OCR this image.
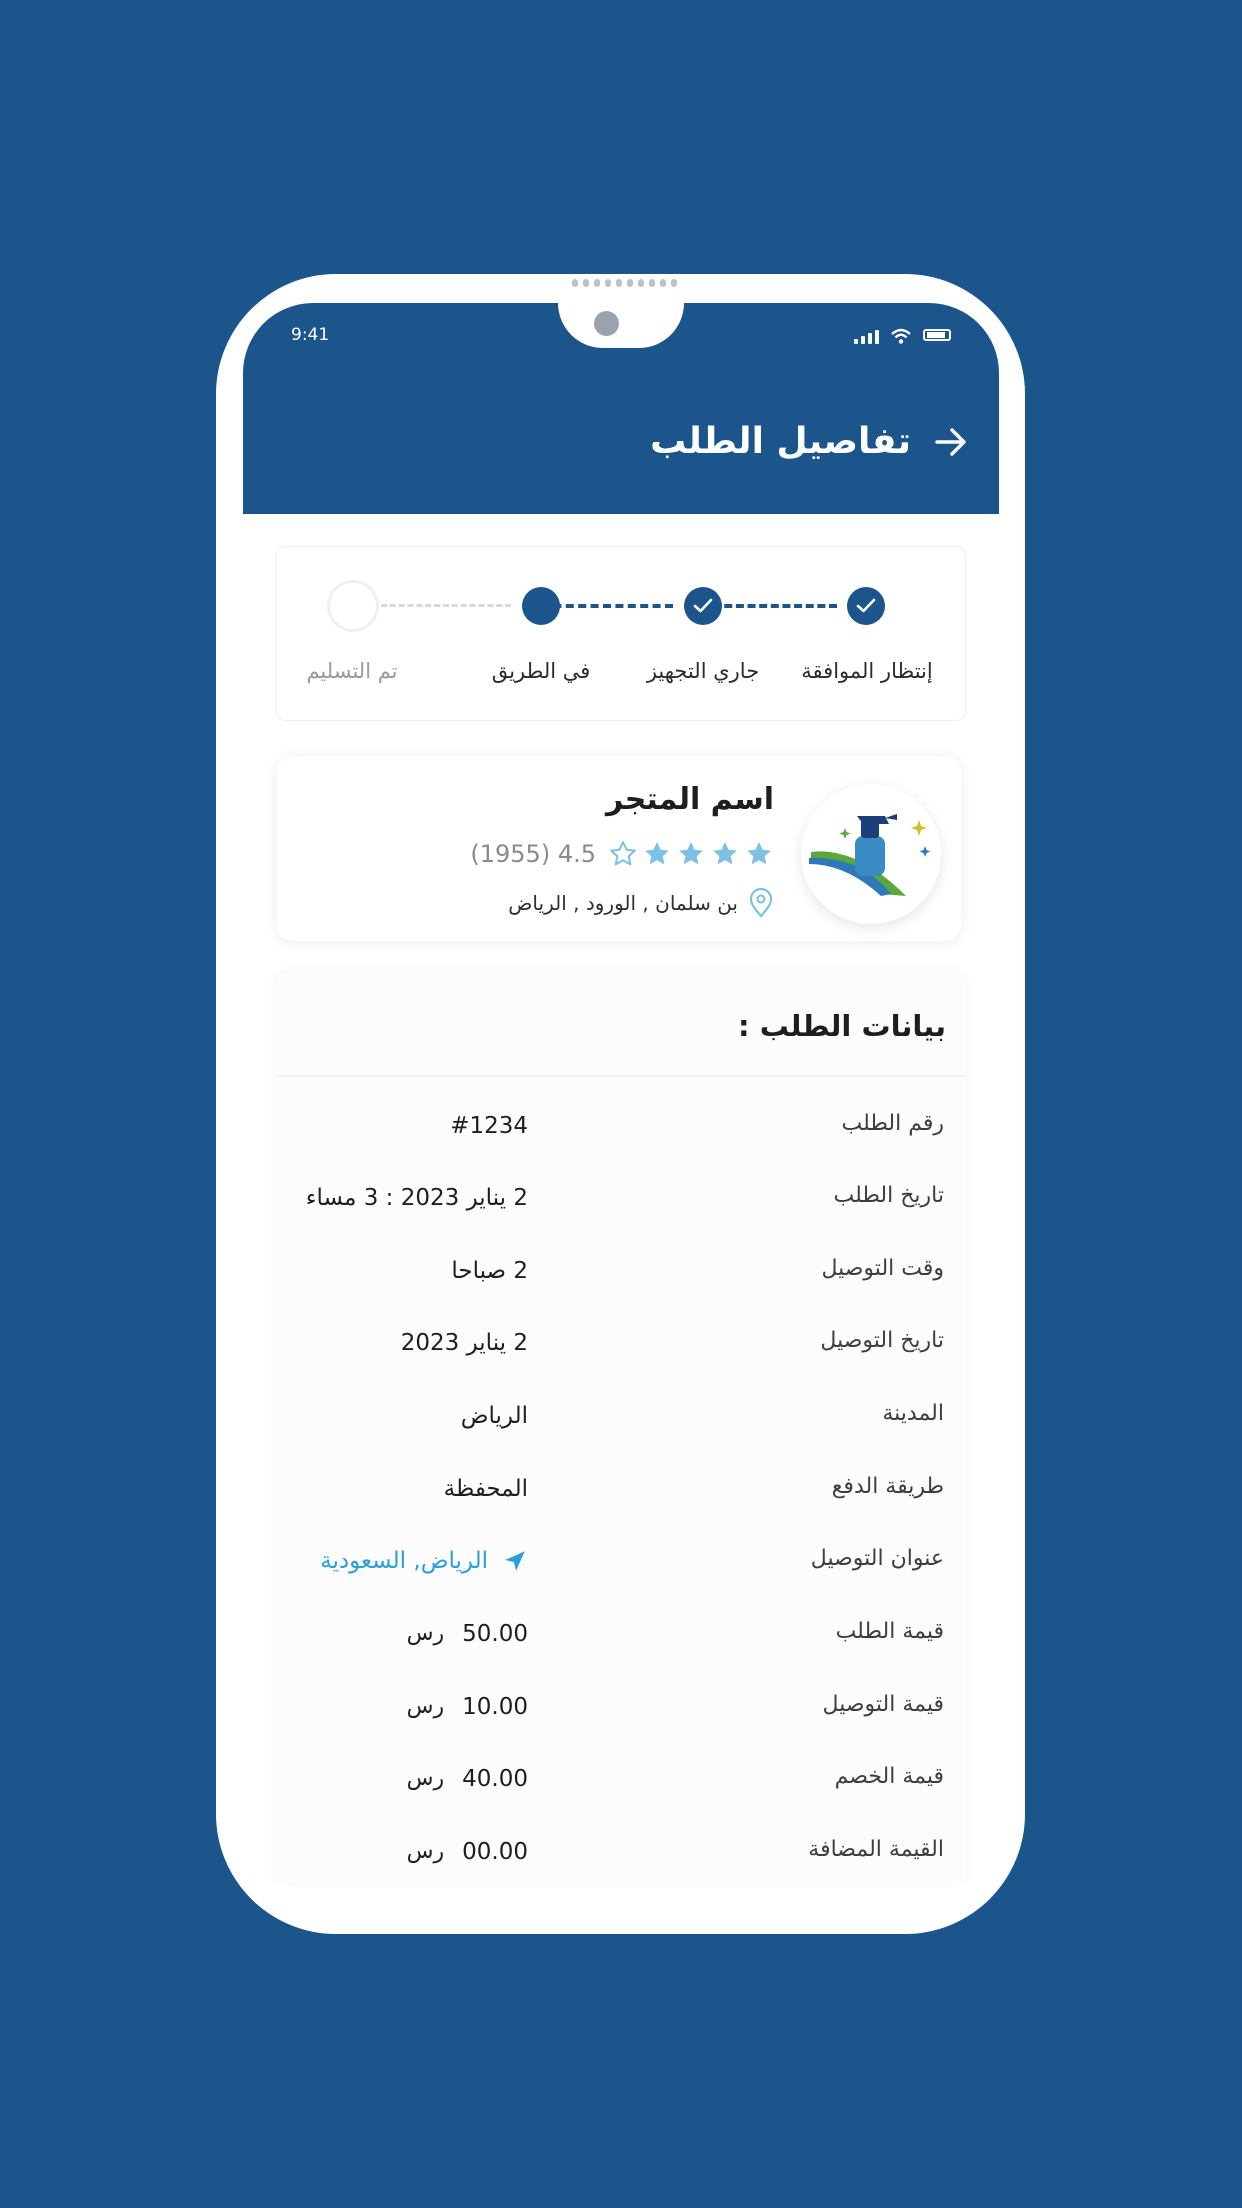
9:41
تفاصيل الطلب
إنتظار الموافقة
جاري التجهيز
في الطريق
تم التسليم
اسم المتجر
(1955) 4.5
بن سلمان , الورود , الرياض
بيانات الطلب :
رقم الطلب
#1234
تاريخ الطلب
2 يناير 2023 : 3 مساء
وقت التوصيل
2 صباحا
تاريخ التوصيل
2 يناير 2023
المدينة
الرياض
طريقة الدفع
المحفظة
عنوان التوصيل
الرياض, السعودية
قيمة الطلب
رس 50.00
قيمة التوصيل
رس 10.00
قيمة الخصم
رس 40.00
القيمة المضافة
رس 00.00
